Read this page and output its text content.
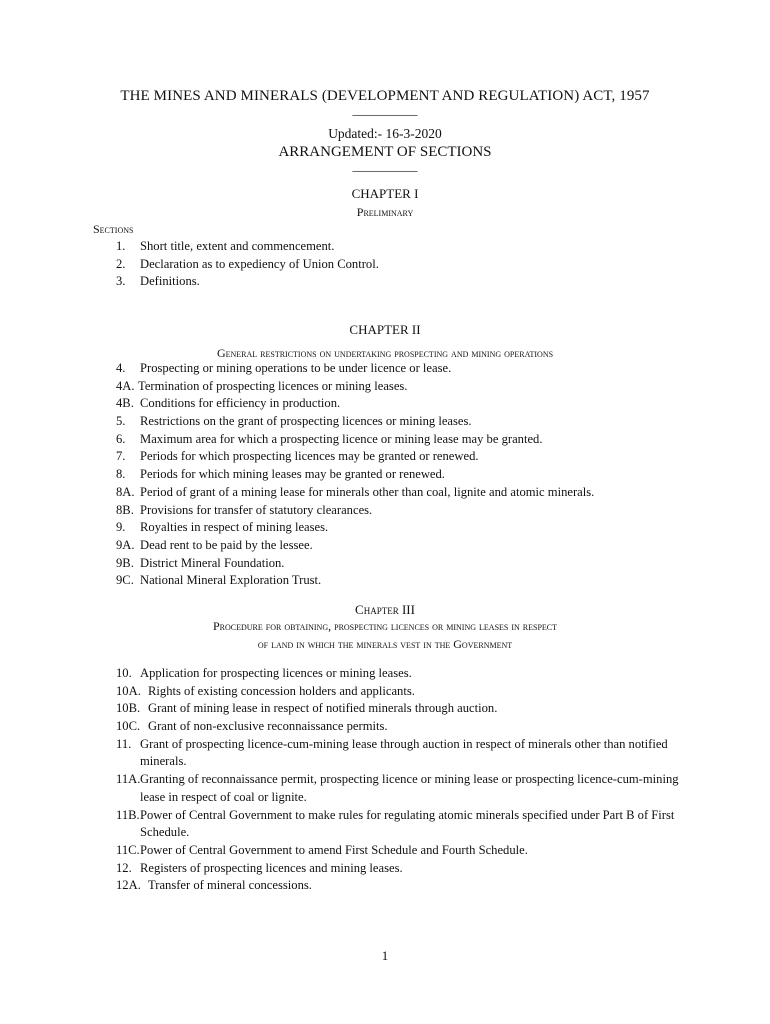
THE MINES AND MINERALS (DEVELOPMENT AND REGULATION) ACT, 1957
__________
Updated:- 16-3-2020
ARRANGEMENT OF SECTIONS
__________
CHAPTER I
Preliminary
Sections
1. Short title, extent and commencement.
2. Declaration as to expediency of Union Control.
3. Definitions.
CHAPTER II
General restrictions on undertaking prospecting and mining operations
4. Prospecting or mining operations to be under licence or lease.
4A. Termination of prospecting licences or mining leases.
4B. Conditions for efficiency in production.
5. Restrictions on the grant of prospecting licences or mining leases.
6. Maximum area for which a prospecting licence or mining lease may be granted.
7. Periods for which prospecting licences may be granted or renewed.
8. Periods for which mining leases may be granted or renewed.
8A. Period of grant of a mining lease for minerals other than coal, lignite and atomic minerals.
8B. Provisions for transfer of statutory clearances.
9. Royalties in respect of mining leases.
9A. Dead rent to be paid by the lessee.
9B. District Mineral Foundation.
9C. National Mineral Exploration Trust.
Chapter III
Procedure for obtaining, prospecting licences or mining leases in respect
of land in which the minerals vest in the Government
10. Application for prospecting licences or mining leases.
10A. Rights of existing concession holders and applicants.
10B. Grant of mining lease in respect of notified minerals through auction.
10C. Grant of non-exclusive reconnaissance permits.
11. Grant of prospecting licence-cum-mining lease through auction in respect of minerals other than notified minerals.
11A. Granting of reconnaissance permit, prospecting licence or mining lease or prospecting licence-cum-mining lease in respect of coal or lignite.
11B. Power of Central Government to make rules for regulating atomic minerals specified under Part B of First Schedule.
11C. Power of Central Government to amend First Schedule and Fourth Schedule.
12. Registers of prospecting licences and mining leases.
12A. Transfer of mineral concessions.
1
